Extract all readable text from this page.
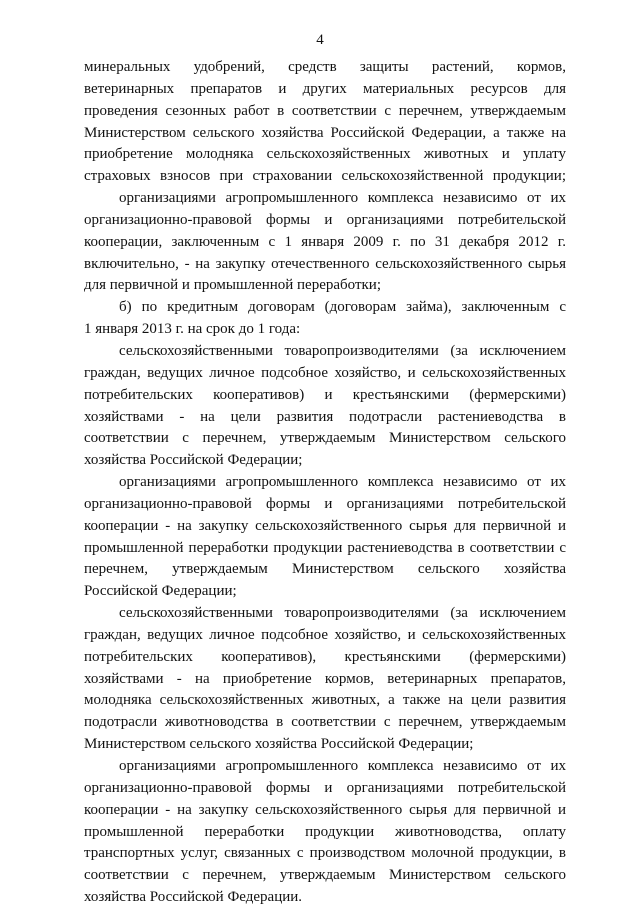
4
минеральных удобрений, средств защиты растений, кормов,
ветеринарных препаратов и других материальных ресурсов для
проведения сезонных работ в соответствии с перечнем, утверждаемым
Министерством сельского хозяйства Российской Федерации, а также на
приобретение молодняка сельскохозяйственных животных и уплату
страховых взносов при страховании сельскохозяйственной продукции;
организациями агропромышленного комплекса независимо от их
организационно-правовой формы и организациями потребительской
кооперации, заключенным с 1 января 2009 г. по 31 декабря 2012 г.
включительно, - на закупку отечественного сельскохозяйственного сырья
для первичной и промышленной переработки;
б) по кредитным договорам (договорам займа), заключенным с
1 января 2013 г. на срок до 1 года:
сельскохозяйственными товаропроизводителями (за исключением
граждан, ведущих личное подсобное хозяйство, и сельскохозяйственных
потребительских кооперативов) и крестьянскими (фермерскими)
хозяйствами - на цели развития подотрасли растениеводства в
соответствии с перечнем, утверждаемым Министерством сельского
хозяйства Российской Федерации;
организациями агропромышленного комплекса независимо от их
организационно-правовой формы и организациями потребительской
кооперации - на закупку сельскохозяйственного сырья для первичной и
промышленной переработки продукции растениеводства в соответствии с
перечнем, утверждаемым Министерством сельского хозяйства
Российской Федерации;
сельскохозяйственными товаропроизводителями (за исключением
граждан, ведущих личное подсобное хозяйство, и сельскохозяйственных
потребительских кооперативов), крестьянскими (фермерскими)
хозяйствами - на приобретение кормов, ветеринарных препаратов,
молодняка сельскохозяйственных животных, а также на цели развития
подотрасли животноводства в соответствии с перечнем, утверждаемым
Министерством сельского хозяйства Российской Федерации;
организациями агропромышленного комплекса независимо от их
организационно-правовой формы и организациями потребительской
кооперации - на закупку сельскохозяйственного сырья для первичной и
промышленной переработки продукции животноводства, оплату
транспортных услуг, связанных с производством молочной продукции, в
соответствии с перечнем, утверждаемым Министерством сельского
хозяйства Российской Федерации.
